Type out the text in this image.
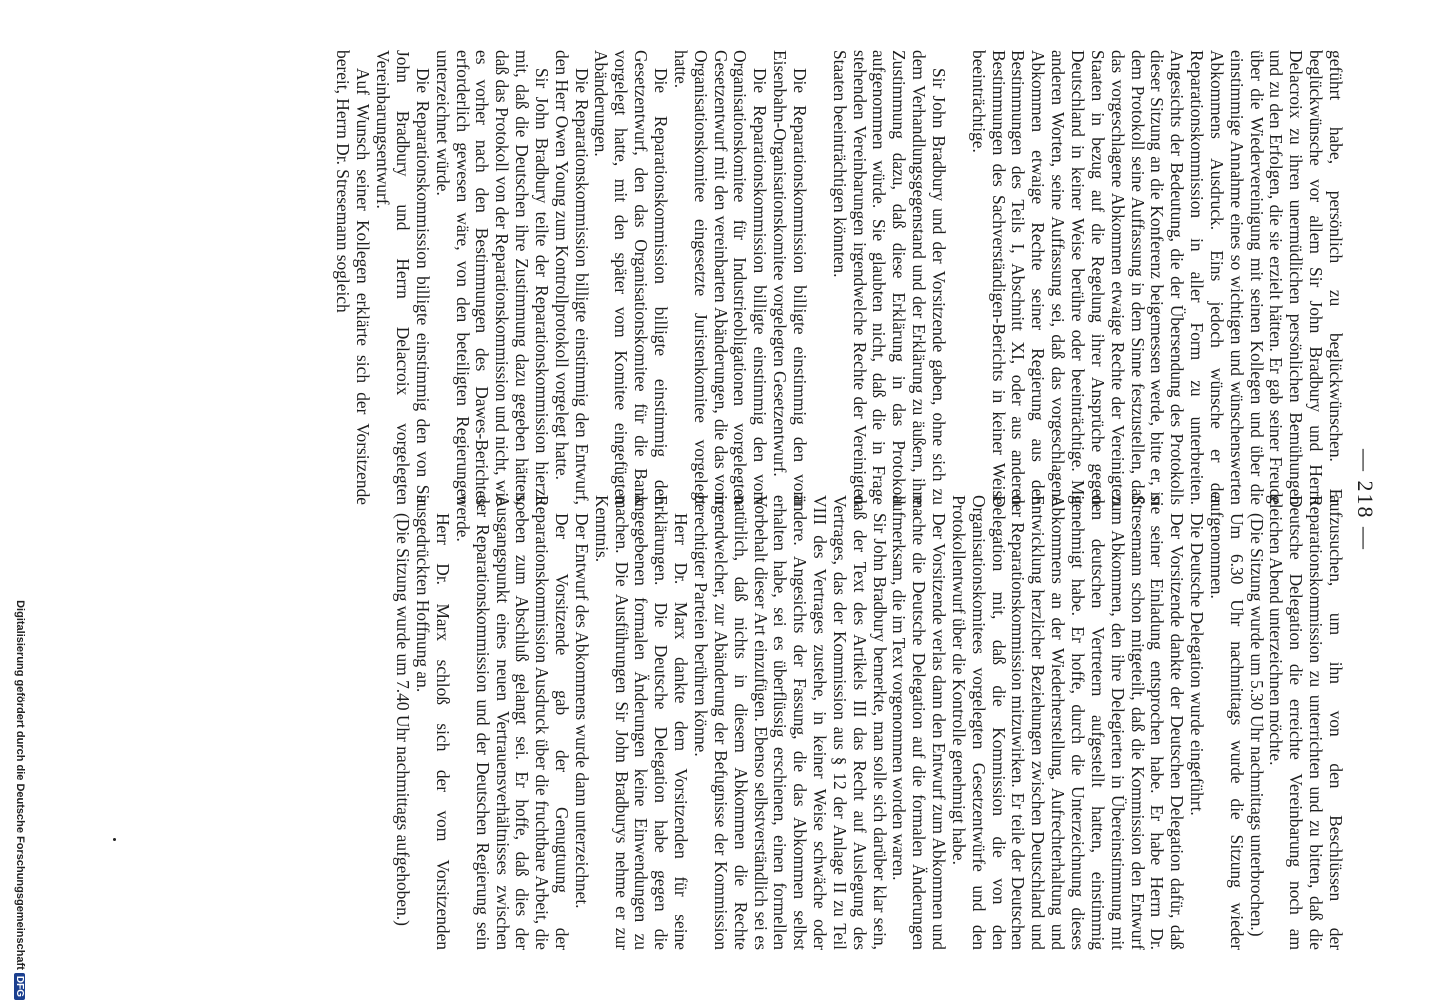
— 218 —

geführt habe, persönlich zu beglückwünschen. Er beglückwünsche vor allem Sir John Bradbury und Herrn Delacroix zu ihren unermüdlichen persönlichen Bemühungen und zu den Erfolgen, die sie erzielt hätten. Er gab seiner Freude über die Wiedervereinigung mit seinen Kollegen und über die einstimmige Annahme eines so wichtigen und wünschenswerten Abkommens Ausdruck. Eins jedoch wünsche er der Reparationskommission in aller Form zu unterbreiten. Angesichts der Bedeutung, die der Übersendung des Protokolls dieser Sitzung an die Konferenz beigemessen werde, bitte er, in dem Protokoll seine Auffassung in dem Sinne festzustellen, daß das vorgeschlagene Abkommen etwaige Rechte der Vereinigten Staaten in bezug auf die Regelung ihrer Ansprüche gegen Deutschland in keiner Weise berühre oder beeinträchtige. Mit anderen Worten, seine Auffassung sei, daß das vorgeschlagene Abkommen etwaige Rechte seiner Regierung aus den Bestimmungen des Teils I, Abschnitt XI, oder aus anderen Bestimmungen des Sachverständigen-Berichts in keiner Weise beeinträchtige.

Sir John Bradbury und der Vorsitzende gaben, ohne sich zu dem Verhandlungsgegenstand und der Erklärung zu äußern, ihre Zustimmung dazu, daß diese Erklärung in das Protokoll aufgenommen würde. Sie glaubten nicht, daß die in Frage stehenden Vereinbarungen irgendwelche Rechte der Vereinigten Staaten beeinträchtigen könnten.

Die Reparationskommission billigte einstimmig den vom Eisenbahn-Organisationskomitee vorgelegten Gesetzentwurf.

Die Reparationskommission billigte einstimmig den vom Organisationskomitee für Industrieobligationen vorgelegten Gesetzentwurf mit den vereinbarten Abänderungen, die das vom Organisationskomitee eingesetzte Juristenkomitee vorgelegt hatte.

Die Reparationskommission billigte einstimmig den Gesetzentwurf, den das Organisationskomitee für die Bank vorgelegt hatte, mit den später vom Komitee eingefügten Abänderungen.

Die Reparationskommission billigte einstimmig den Entwurf, den Herr Owen Young zum Kontrollprotokoll vorgelegt hatte.

Sir John Bradbury teilte der Reparationskommission hierzu mit, daß die Deutschen ihre Zustimmung dazu gegeben hätten, daß das Protokoll von der Reparationskommission und nicht, wie es vorher nach den Bestimmungen des Dawes-Berichtes erforderlich gewesen wäre, von den beteiligten Regierungen unterzeichnet würde.

Die Reparationskommission billigte einstimmig den von Sir John Bradbury und Herrn Delacroix vorgelegten Vereinbarungsentwurf.

Auf Wunsch seiner Kollegen erklärte sich der Vorsitzende bereit, Herrn Dr. Stresemann sogleich

aufzusuchen, um ihn von den Beschlüssen der Reparationskommission zu unterrichten und zu bitten, daß die Deutsche Delegation die erreichte Vereinbarung noch am gleichen Abend unterzeichnen möchte.

(Die Sitzung wurde um 5.30 Uhr nachmittags unterbrochen.)

Um 6.30 Uhr nachmittags wurde die Sitzung wieder aufgenommen.

Die Deutsche Delegation wurde eingeführt.

Der Vorsitzende dankte der Deutschen Delegation dafür, daß sie seiner Einladung entsprochen habe. Er habe Herrn Dr. Stresemann schon mitgeteilt, daß die Kommission den Entwurf zum Abkommen, den ihre Delegierten in Übereinstimmung mit den deutschen Vertretern aufgestellt hatten, einstimmig genehmigt habe. Er hoffe, durch die Unterzeichnung dieses Abkommens an der Wiederherstellung, Aufrechterhaltung und Entwicklung herzlicher Beziehungen zwischen Deutschland und der Reparationskommission mitzuwirken. Er teile der Deutschen Delegation mit, daß die Kommission die von den Organisationskomitees vorgelegten Gesetzentwürfe und den Protokollentwurf über die Kontrolle genehmigt habe.

Der Vorsitzende verlas dann den Entwurf zum Abkommen und machte die Deutsche Delegation auf die formalen Änderungen aufmerksam, die im Text vorgenommen worden waren.

Sir John Bradbury bemerkte, man solle sich darüber klar sein, daß der Text des Artikels III das Recht auf Auslegung des Vertrages, das der Kommission aus § 12 der Anlage II zu Teil VIII des Vertrages zustehe, in keiner Weise schwäche oder ändere. Angesichts der Fassung, die das Abkommen selbst erhalten habe, sei es überflüssig erschienen, einen formellen Vorbehalt dieser Art einzufügen. Ebenso selbstverständlich sei es natürlich, daß nichts in diesem Abkommen die Rechte irgendwelcher, zur Abänderung der Befugnisse der Kommission berechtigter Parteien berühren könne.

Herr Dr. Marx dankte dem Vorsitzenden für seine Erklärungen. Die Deutsche Delegation habe gegen die angegebenen formalen Änderungen keine Einwendungen zu machen. Die Ausführungen Sir John Bradburys nehme er zur Kenntnis.

Der Entwurf des Abkommens wurde dann unterzeichnet.

Der Vorsitzende gab der Genugtuung der Reparationskommission Ausdruck über die fruchtbare Arbeit, die soeben zum Abschluß gelangt sei. Er hoffe, daß dies der Ausgangspunkt eines neuen Vertrauensverhältnisses zwischen der Reparationskommission und der Deutschen Regierung sein werde.

Herr Dr. Marx schloß sich der vom Vorsitzenden ausgedrückten Hoffnung an.

(Die Sitzung wurde um 7.40 Uhr nachmittags aufgehoben.)

Digitalisierung gefördert durch die Deutsche ForschungsgemeinschaftDFG
